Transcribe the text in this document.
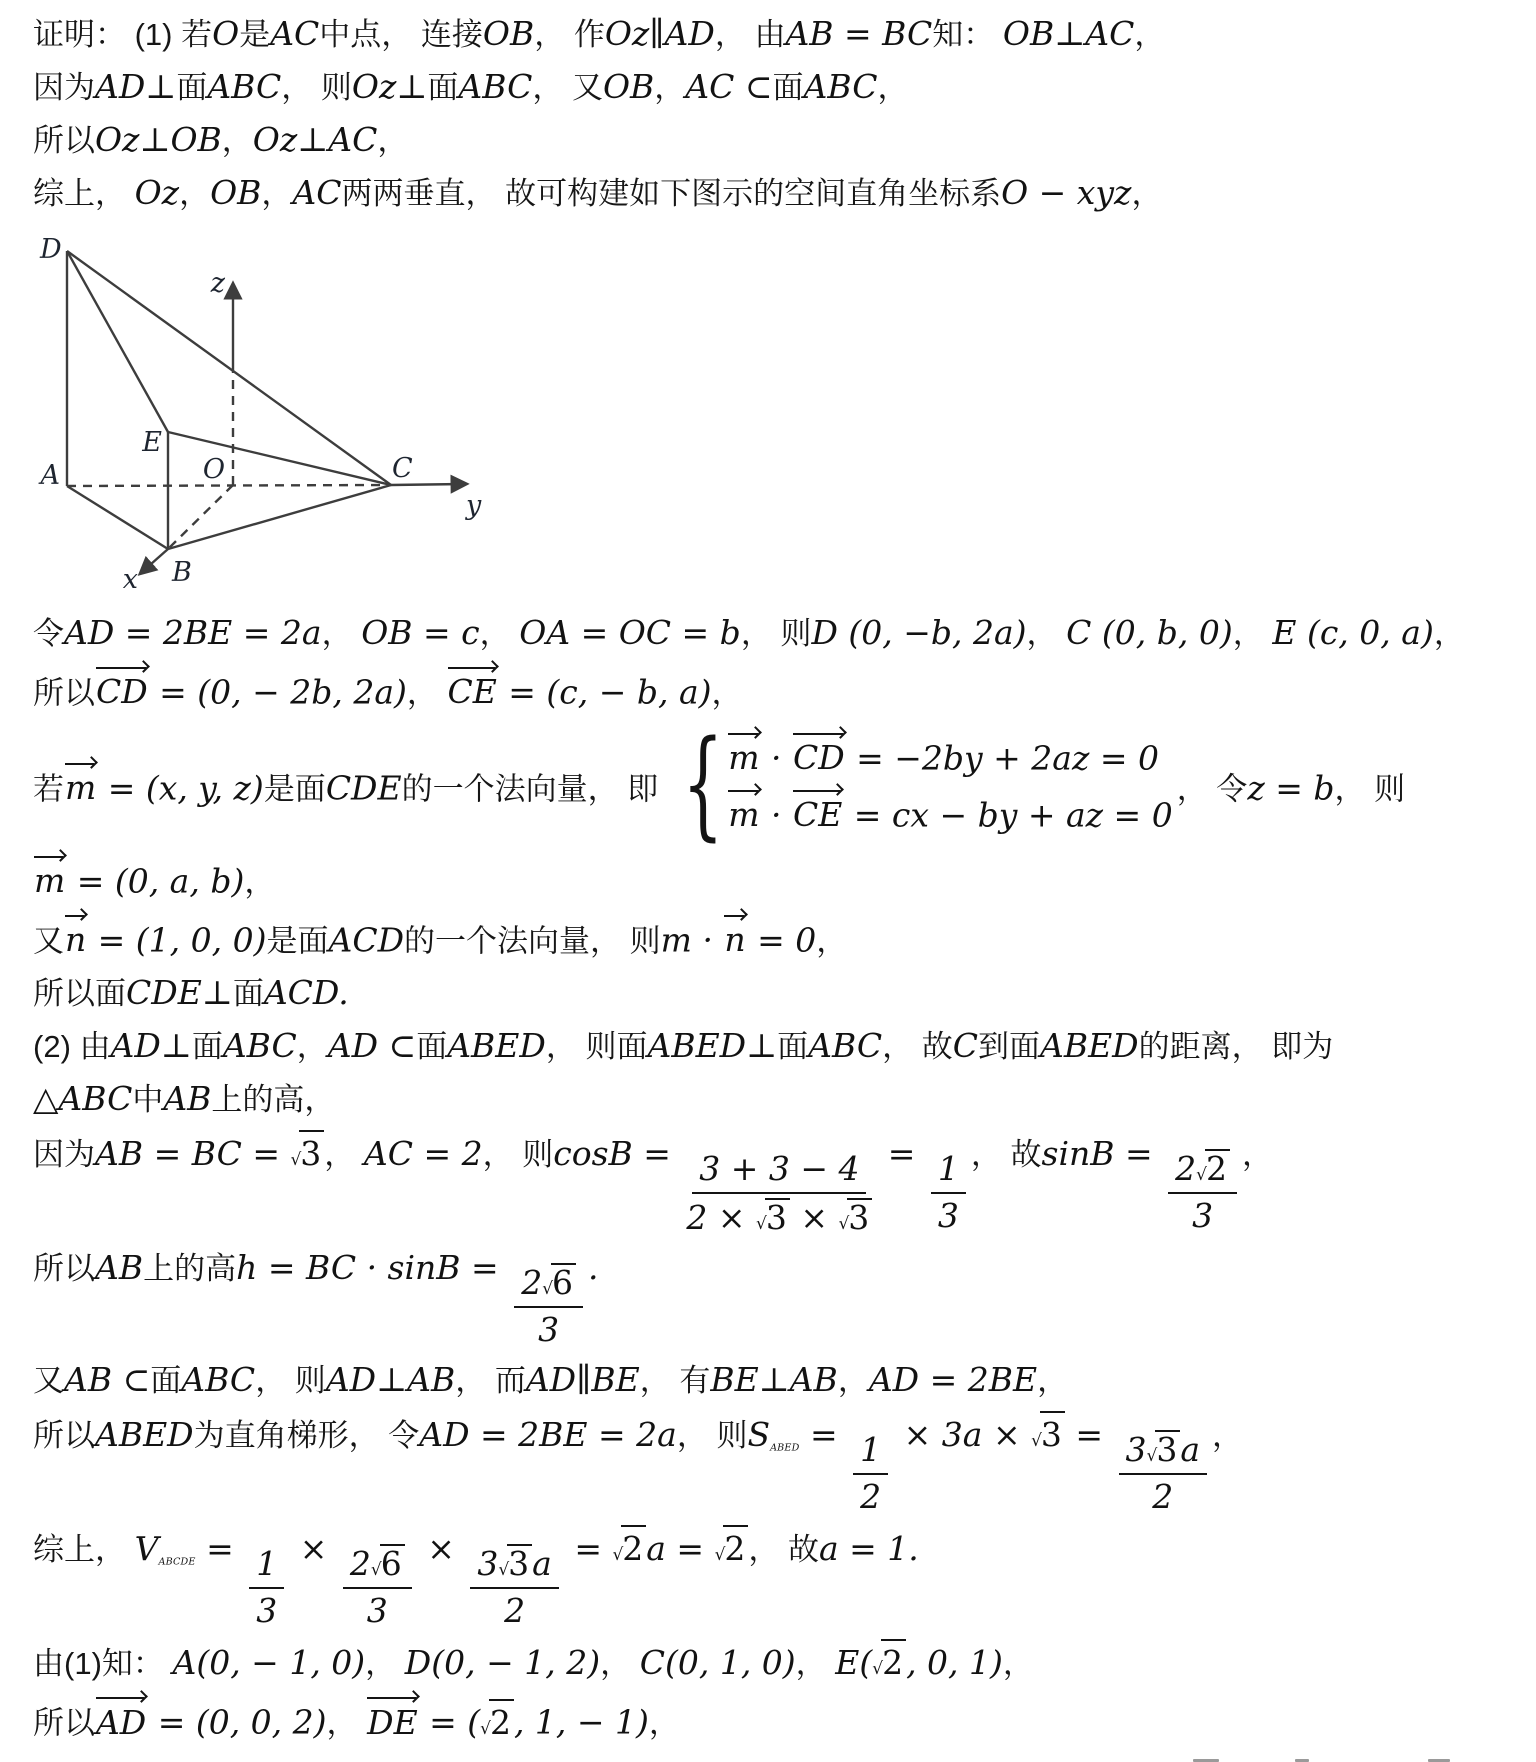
证明： (1) 若O是AC中点， 连接OB， 作Oz∥AD， 由AB = BC知： OB⊥AC，
因为AD⊥面ABC， 则Oz⊥面ABC， 又OB，AC ⊂面ABC，
所以Oz⊥OB，Oz⊥AC，
综上， Oz，OB，AC两两垂直， 故可构建如下图示的空间直角坐标系O − xyz，
D
z
E
A	O	C
y
x B
令AD = 2BE = 2a， OB = c， OA = OC = b， 则D (0, −b, 2a)， C (0, b, 0)， E (c, 0, a)，
所以
CD = (0, − 2b, 2a)，
CE = (c, − b, a)，
若
m = (x, y, z)是面CDE的一个法向量， 即 { m ·
CD = −2by + 2az = 0
m ·
CE = cx − by + az = 0
， 令z = b， 则
m = (0, a, b)，
又
n = (1, 0, 0)是面ACD的一个法向量， 则m ·
n = 0，
所以面CDE⊥面ACD.
(2) 由AD⊥面ABC，AD ⊂面ABED， 则面ABED⊥面ABC， 故C到面ABED的距离， 即为
△ABC中AB上的高，
因为AB = BC = √3， AC = 2， 则$\cos B = \frac{3 + 3 - 4}{2 \times √3 \times √3} = \frac{1}{3}$ ， 故$\sin B = \frac{2√2}{3}$ ，
所以AB上的高h = BC · $\sin B = \frac{2√6}{3}$ .
又AB ⊂面ABC， 则AD⊥AB， 而AD∥BE， 有BE⊥AB，AD = 2BE，
所以ABED为直角梯形， 令AD = 2BE = 2a， 则$S_{ABED} = \frac{1}{2} \times 3a \times √3 = \frac{3√3a}{2}$ ，
综上， $V_{ABCDE} = \frac{1}{3} \times \frac{2√6}{3} \times \frac{3√3a}{2} = √2a = √2$， 故a = 1.
由(1)知： A(0, − 1, 0)， D(0, − 1, 2)， C(0, 1, 0)， E(√2, 0, 1)，
所以
AD = (0, 0, 2)，
DE = (√2, 1, − 1)，
